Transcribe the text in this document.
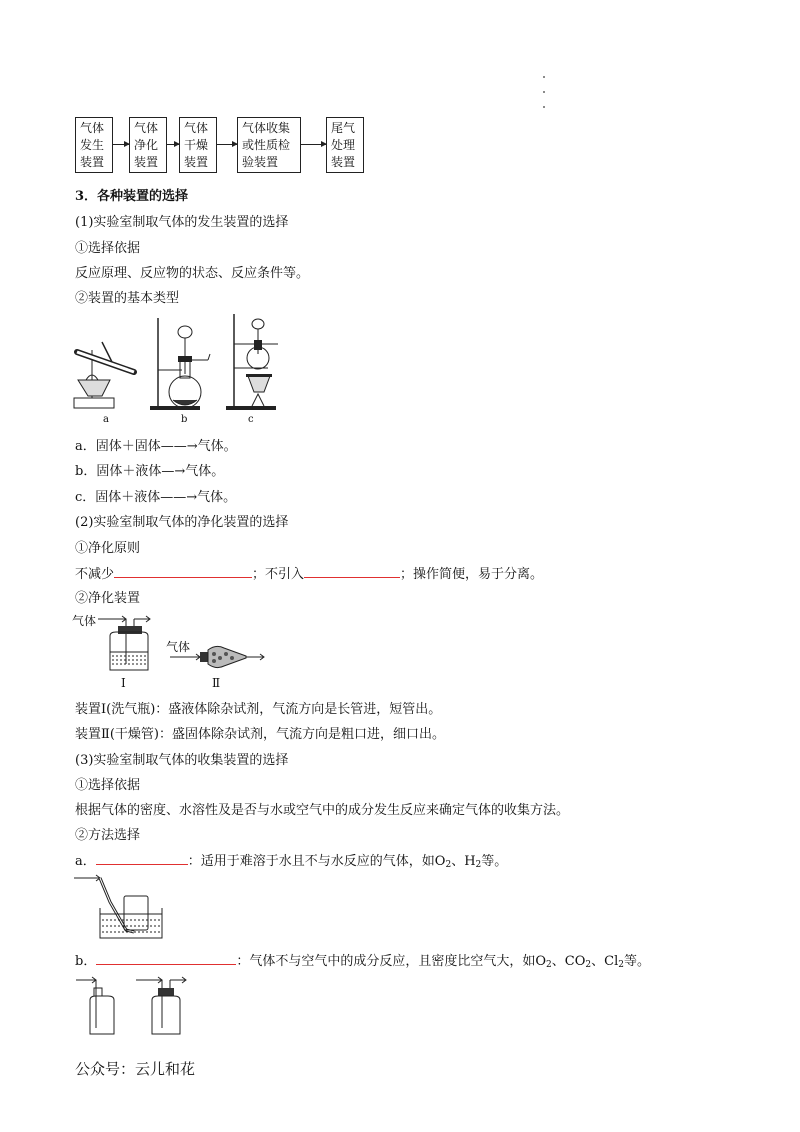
气体
发生
装置
气体
净化
装置
气体
干燥
装置
气体收集
或性质检
验装置
尾气
处理
装置
3．各种装置的选择
(1)实验室制取气体的发生装置的选择
①选择依据
反应原理、反应物的状态、反应条件等。
②装置的基本类型
a	b	c
a．固体＋固体——→气体。
b．固体＋液体—→气体。
c．固体＋液体——→气体。
(2)实验室制取气体的净化装置的选择
①净化原则
不减少	；不引入	；操作简便，易于分离。
②净化装置
气体
Ⅰ
气体
Ⅱ
装置Ⅰ(洗气瓶)：盛液体除杂试剂，气流方向是长管进，短管出。
装置Ⅱ(干燥管)：盛固体除杂试剂，气流方向是粗口进，细口出。
(3)实验室制取气体的收集装置的选择
①选择依据
根据气体的密度、水溶性及是否与水或空气中的成分发生反应来确定气体的收集方法。
②方法选择
a．	：适用于难溶于水且不与水反应的气体，如$O_2$、$H_2$等。
b．	：气体不与空气中的成分反应，且密度比空气大，如$O_2$、$CO_2$、$Cl_2$等。
公众号：云儿和花
